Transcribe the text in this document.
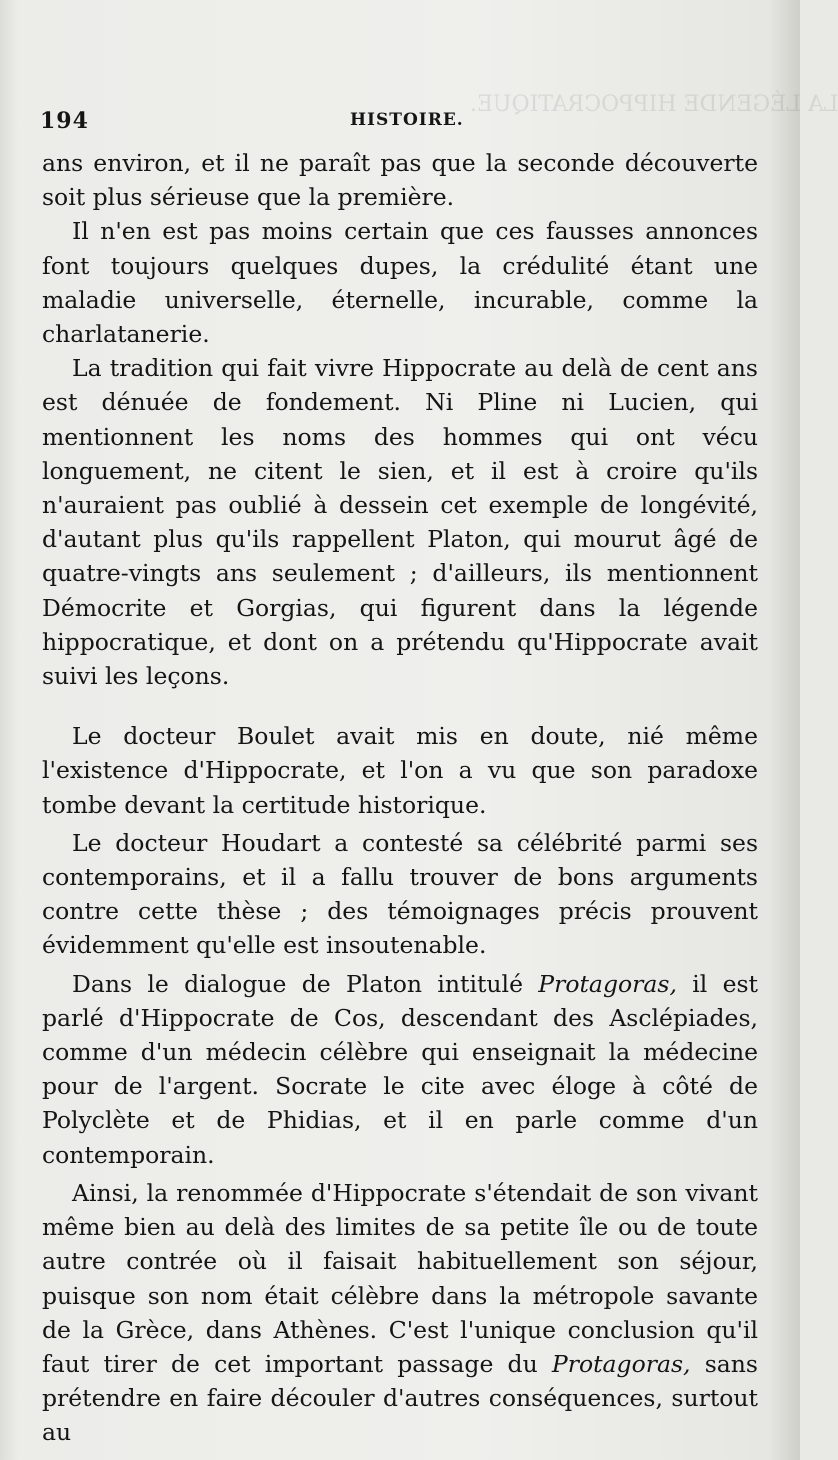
LA LÉGENDE HIPPOCRATIQUE.
194	HISTOIRE.

ans environ, et il ne paraît pas que la seconde découverte soit plus sérieuse que la première.

Il n'en est pas moins certain que ces fausses annonces font toujours quelques dupes, la crédulité étant une maladie universelle, éternelle, incurable, comme la charlatanerie.

La tradition qui fait vivre Hippocrate au delà de cent ans est dénuée de fondement. Ni Pline ni Lucien, qui mentionnent les noms des hommes qui ont vécu longuement, ne citent le sien, et il est à croire qu'ils n'auraient pas oublié à dessein cet exemple de longévité, d'autant plus qu'ils rappellent Platon, qui mourut âgé de quatre-vingts ans seulement ; d'ailleurs, ils mentionnent Démocrite et Gorgias, qui figurent dans la légende hippocratique, et dont on a prétendu qu'Hippocrate avait suivi les leçons.

Le docteur Boulet avait mis en doute, nié même l'existence d'Hippocrate, et l'on a vu que son paradoxe tombe devant la certitude historique.

Le docteur Houdart a contesté sa célébrité parmi ses contemporains, et il a fallu trouver de bons arguments contre cette thèse ; des témoignages précis prouvent évidemment qu'elle est insoutenable.

Dans le dialogue de Platon intitulé Protagoras, il est parlé d'Hippocrate de Cos, descendant des Asclépiades, comme d'un médecin célèbre qui enseignait la médecine pour de l'argent. Socrate le cite avec éloge à côté de Polyclète et de Phidias, et il en parle comme d'un contemporain.

Ainsi, la renommée d'Hippocrate s'étendait de son vivant même bien au delà des limites de sa petite île ou de toute autre contrée où il faisait habituellement son séjour, puisque son nom était célèbre dans la métropole savante de la Grèce, dans Athènes. C'est l'unique conclusion qu'il faut tirer de cet important passage du Protagoras, sans prétendre en faire découler d'autres conséquences, surtout au
